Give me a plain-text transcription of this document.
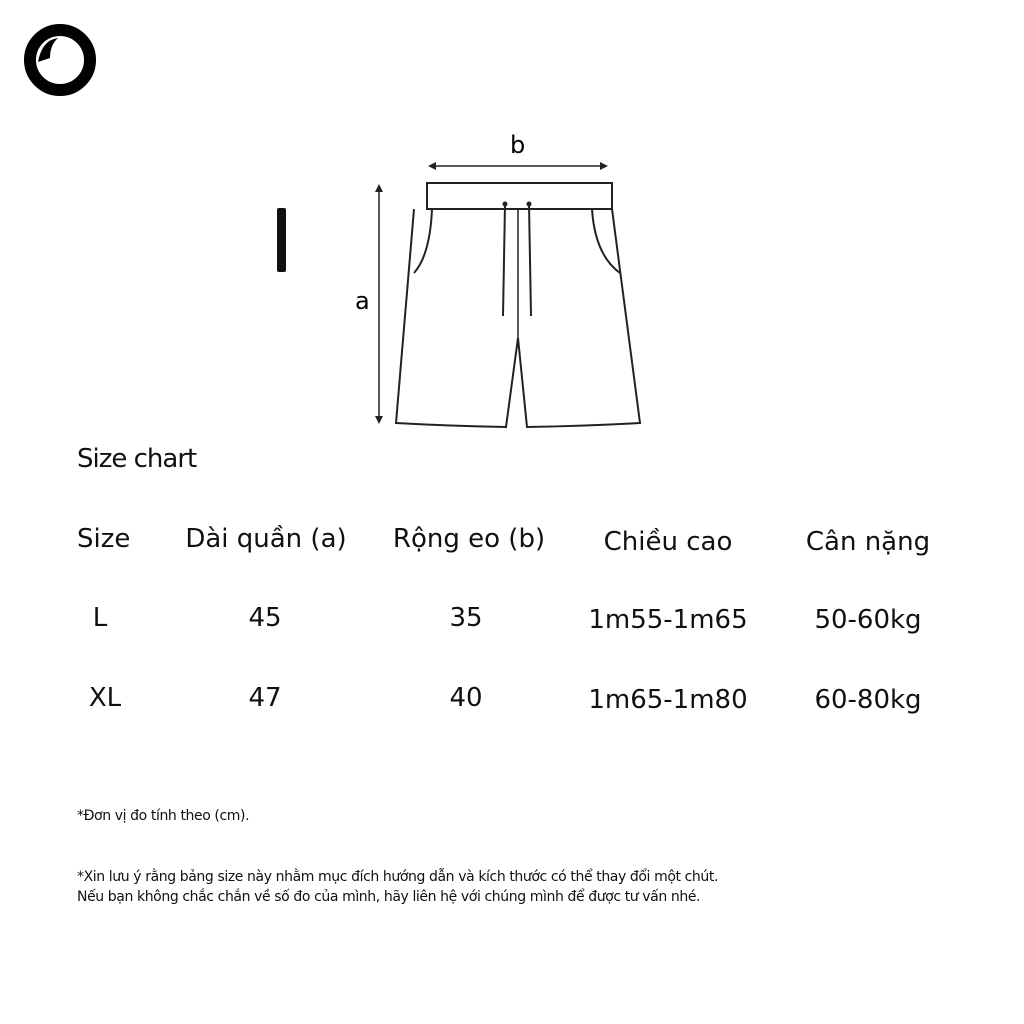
b
a
Size chart
Size	Dài quần (a)	Rộng eo (b)	Chiều cao	Cân nặng
L	45	35	1m55-1m65	50-60kg
XL	47	40	1m65-1m80	60-80kg
*Đơn vị đo tính theo (cm).
*Xin lưu ý rằng bảng size này nhằm mục đích hướng dẫn và kích thước có thể thay đổi một chút.
Nếu bạn không chắc chắn về số đo của mình, hãy liên hệ với chúng mình để được tư vấn nhé.
